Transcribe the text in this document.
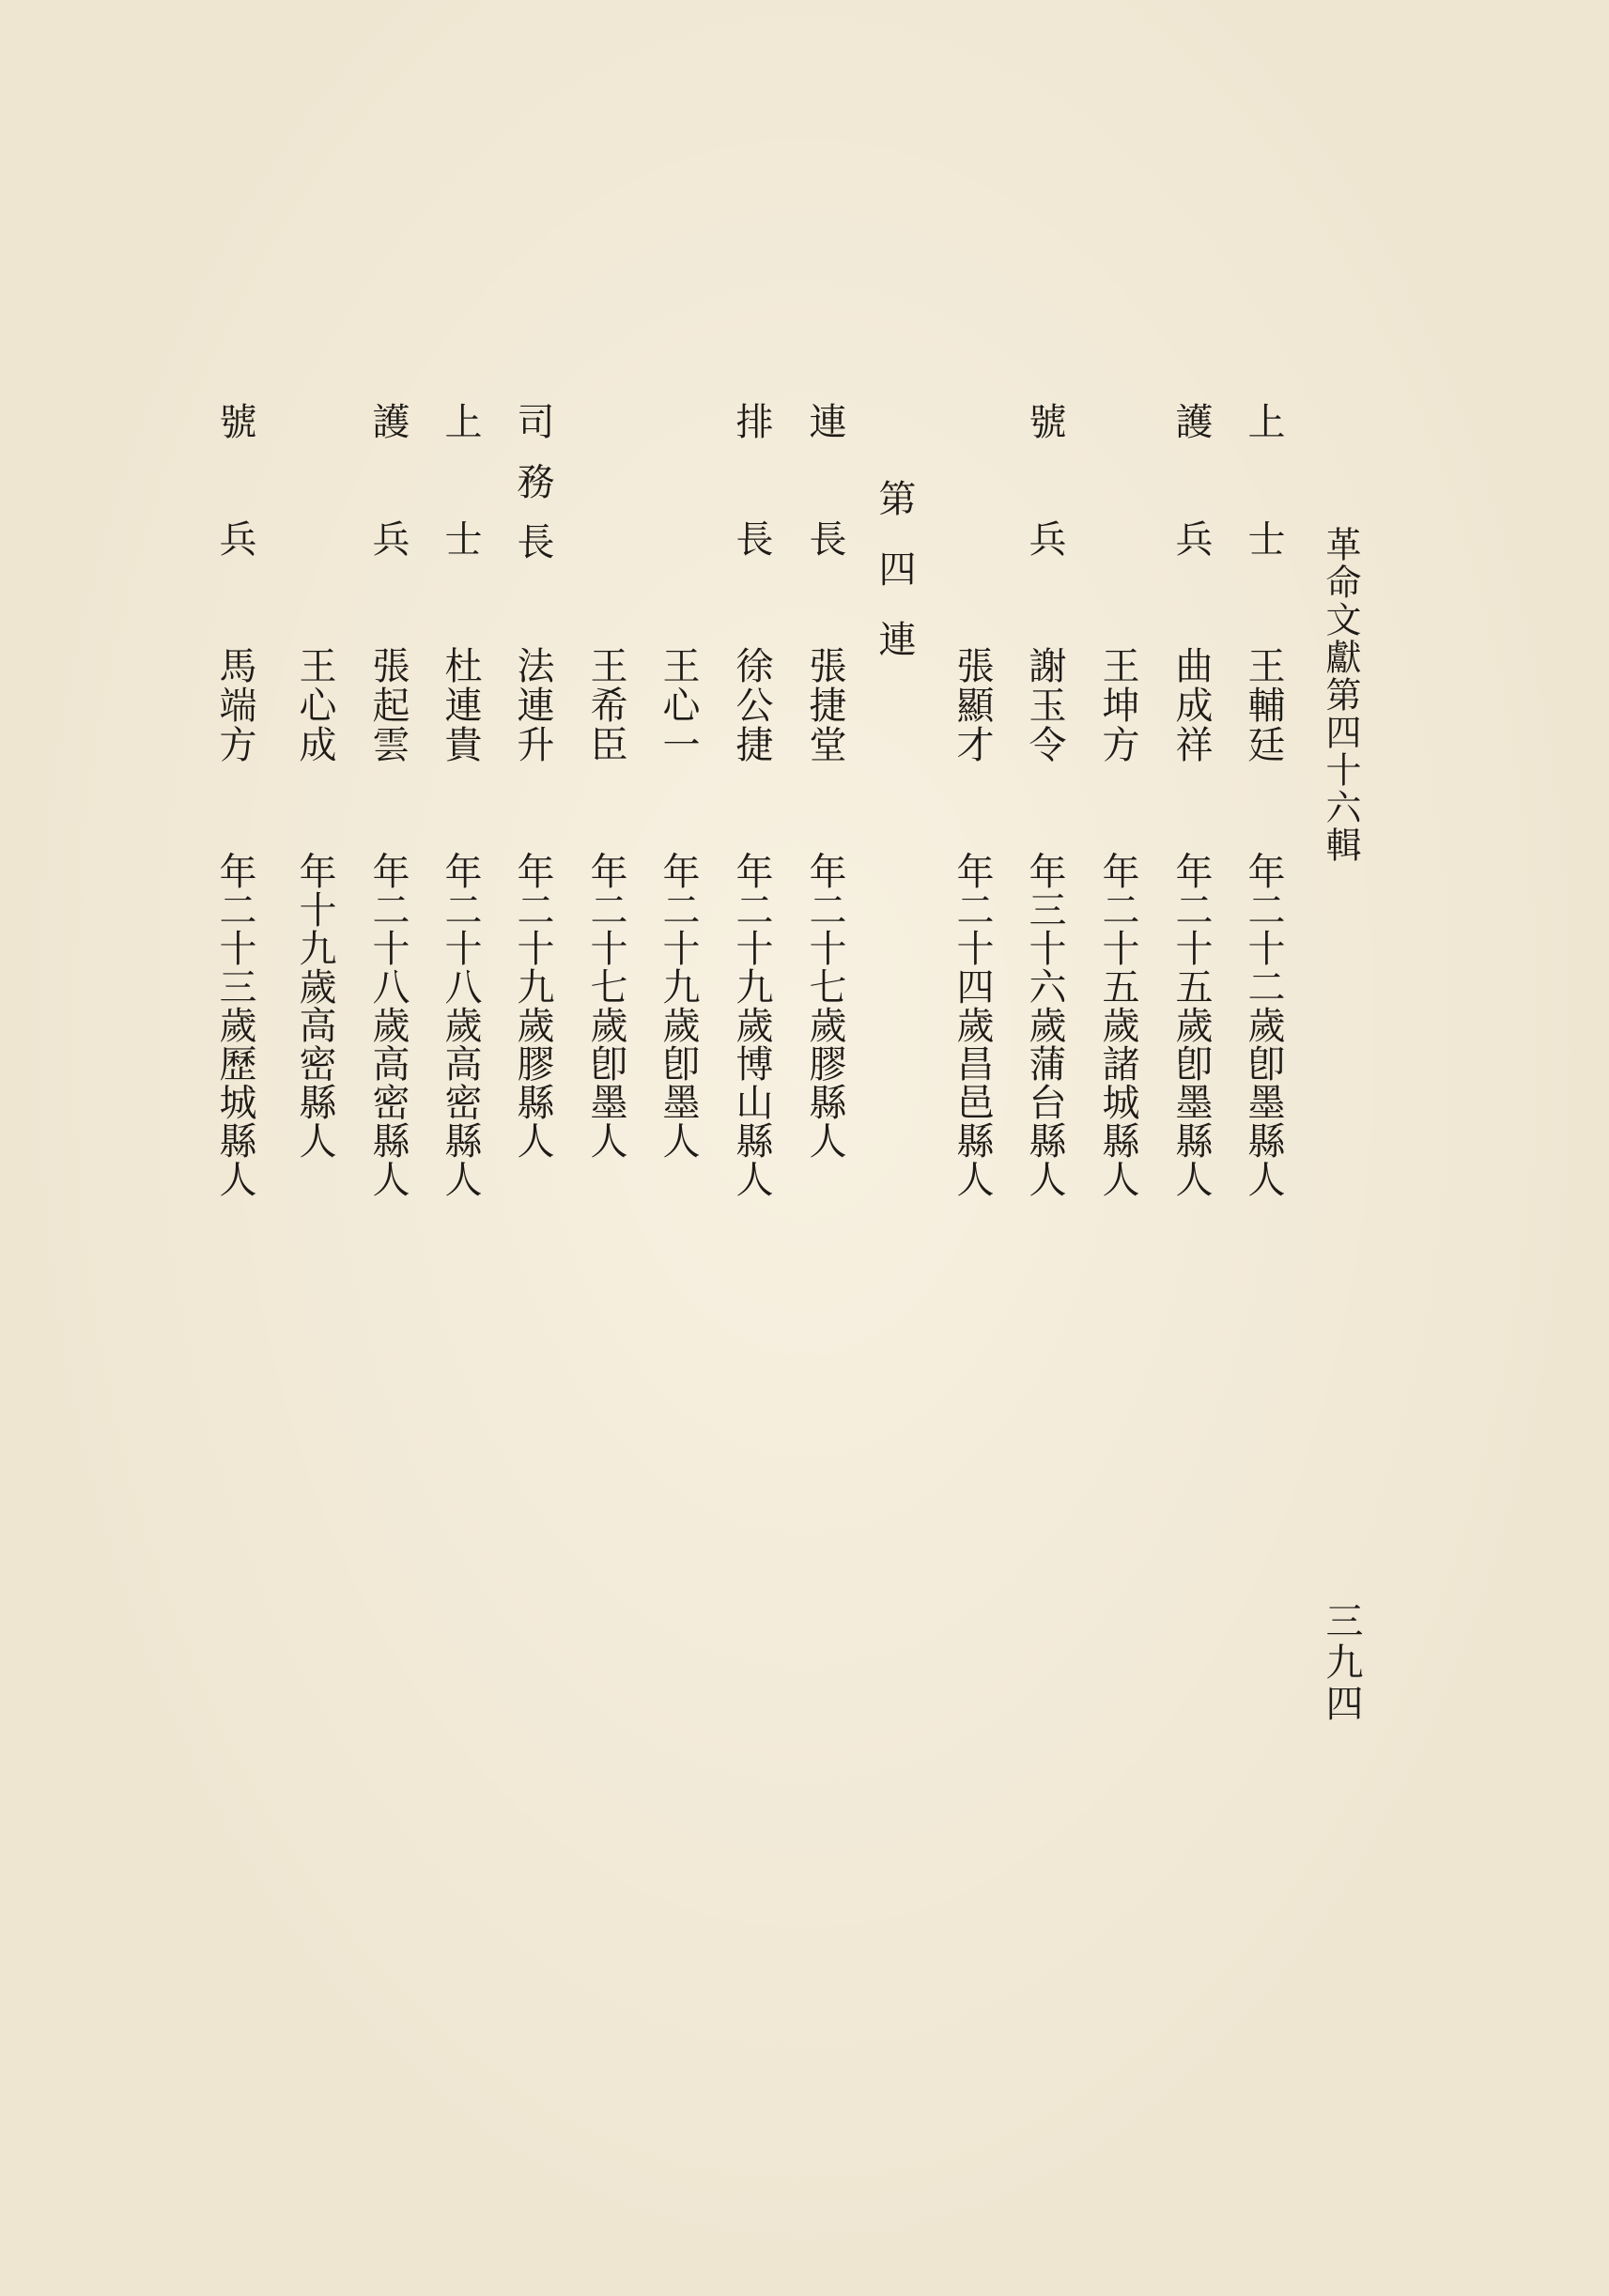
革命文獻第四十六輯
三九四
第四連	上士
王輔廷
年二十二歲卽墨縣人
護兵
曲成祥
年二十五歲卽墨縣人
王坤方
年二十五歲諸城縣人
號兵
謝玉令
年三十六歲蒲台縣人
張顯才
年二十四歲昌邑縣人
連長
張捷堂
年二十七歲膠縣人
排長
徐公捷
年二十九歲博山縣人
王心一
年二十九歲卽墨人
王希臣
年二十七歲卽墨人
司務長
法連升
年二十九歲膠縣人
上士
杜連貴
年二十八歲高密縣人
護兵
張起雲
年二十八歲高密縣人
王心成
年十九歲高密縣人
號兵
馬端方
年二十三歲歷城縣人
